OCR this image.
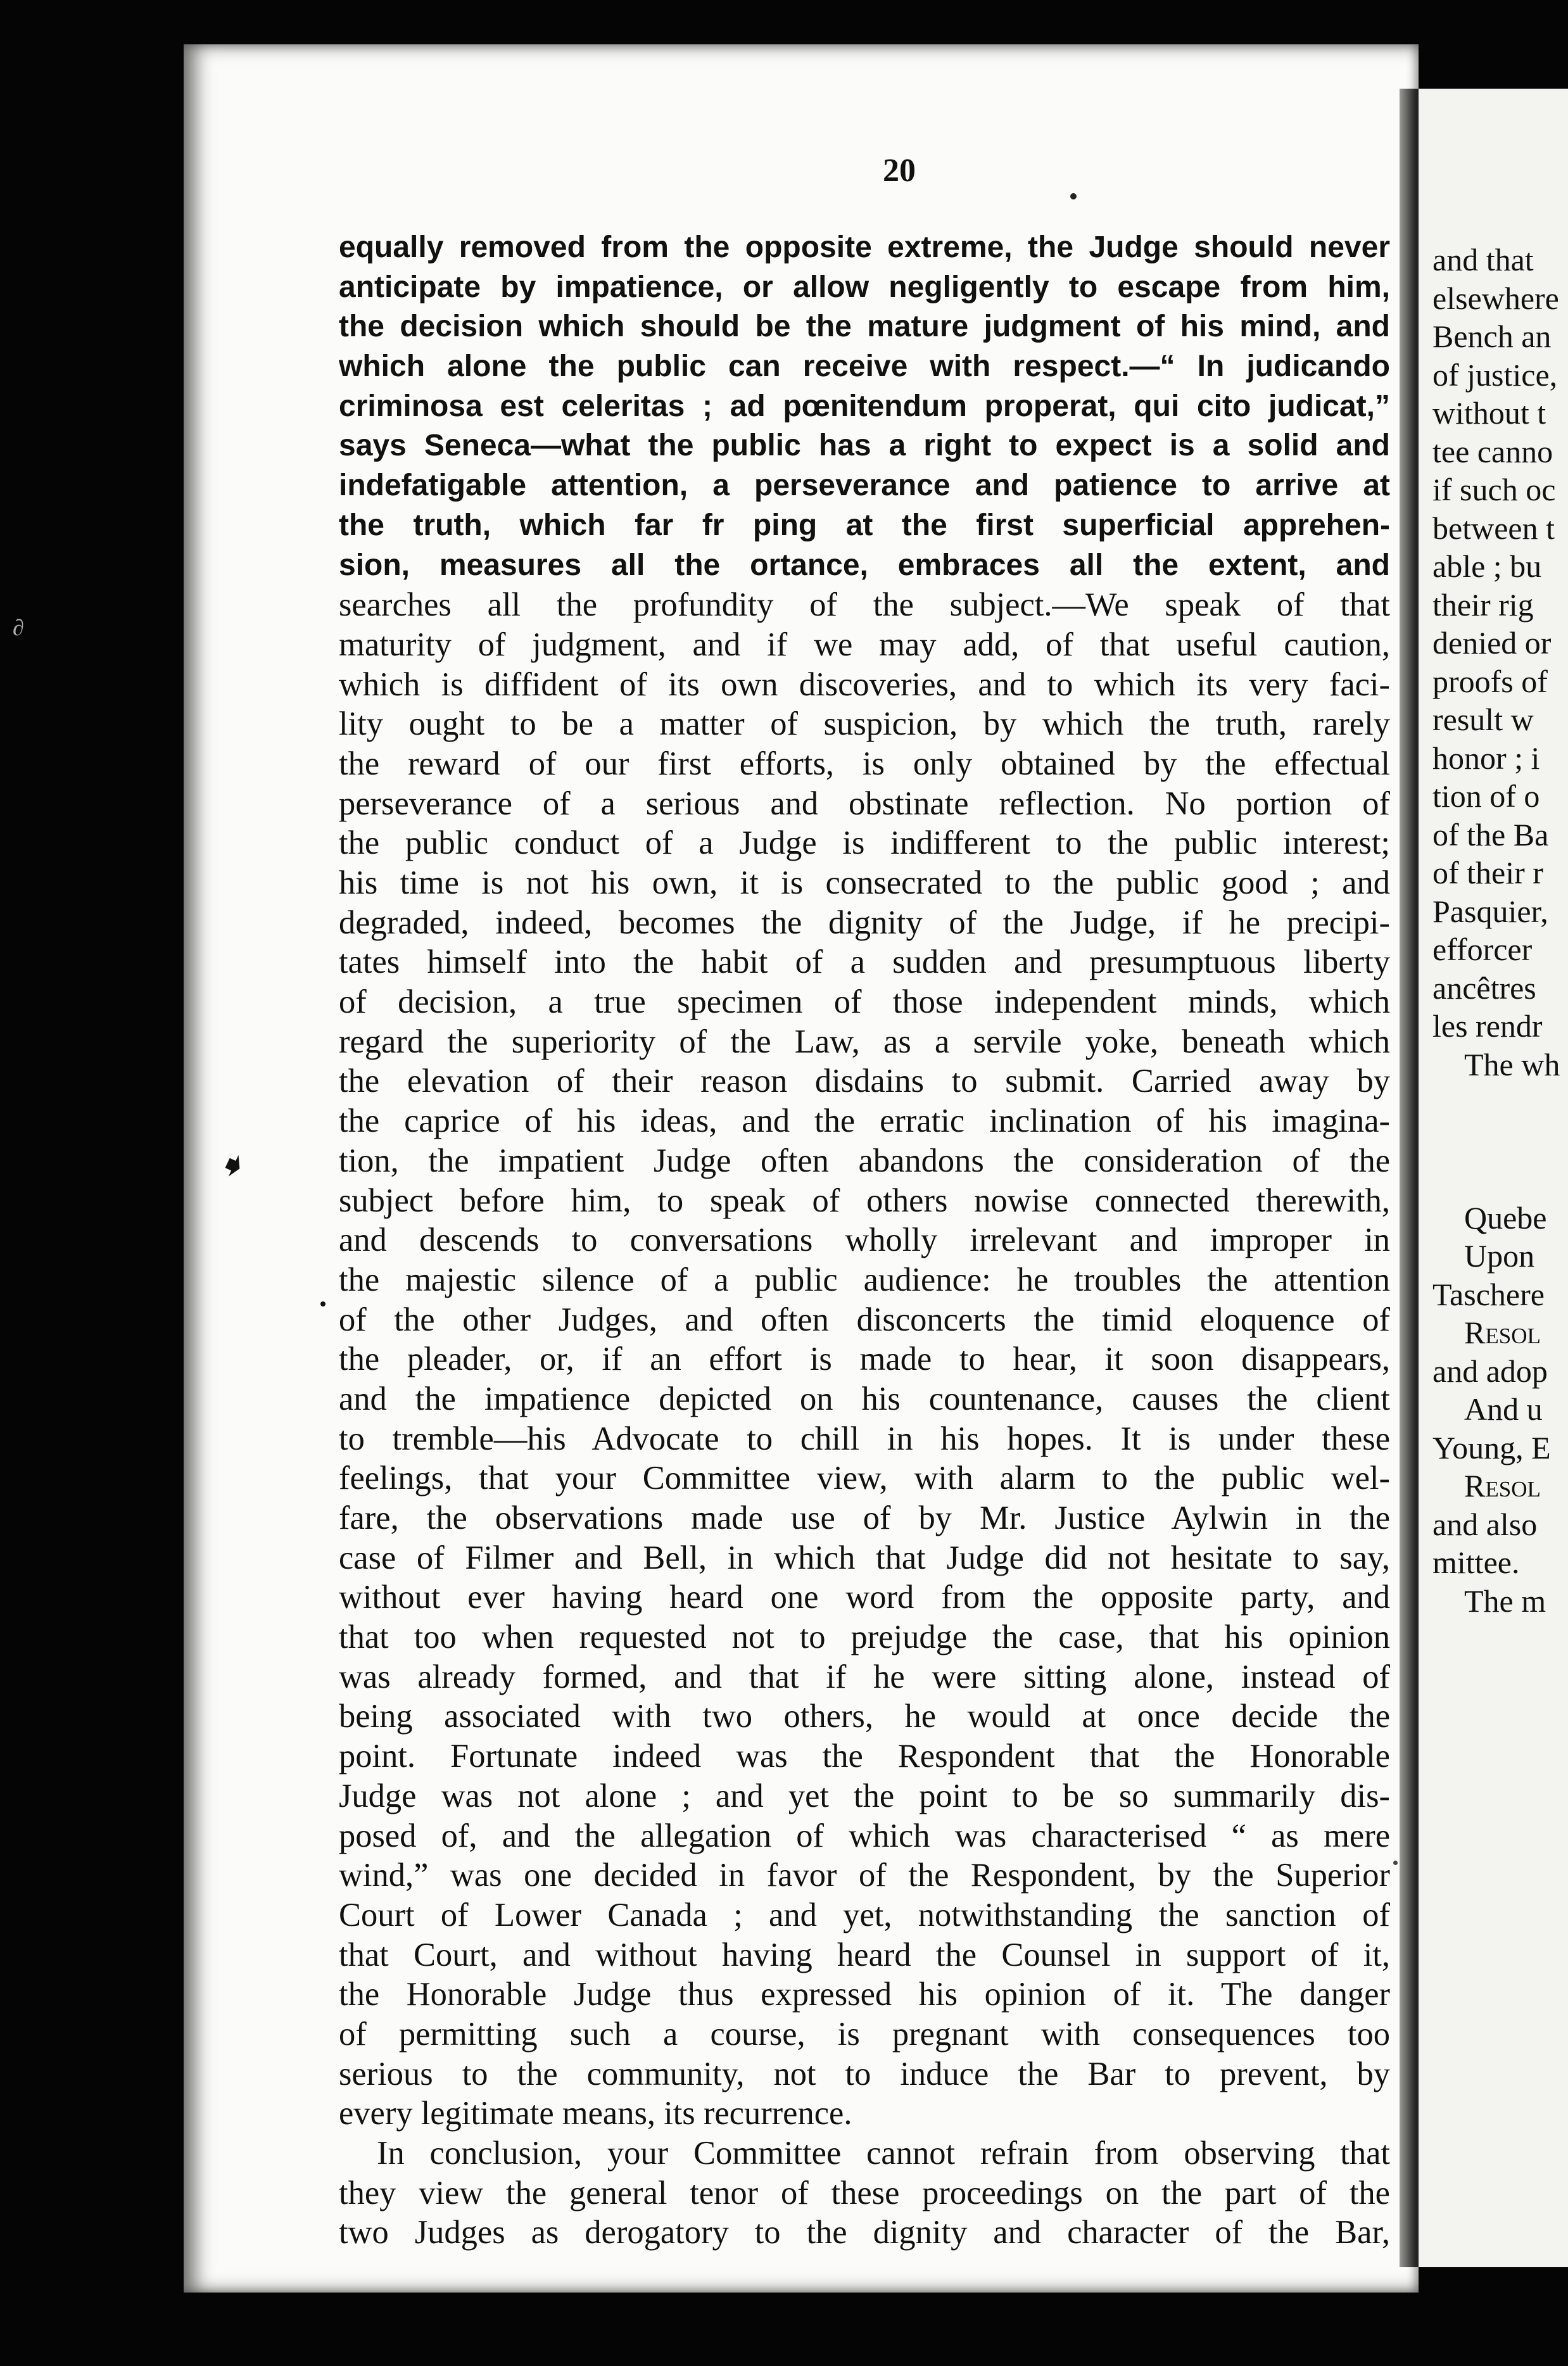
∂
➧
20
equally removed from the opposite extreme, the Judge should never
anticipate by impatience, or allow negligently to escape from him,
the decision which should be the mature judgment of his mind, and
which alone the public can receive with respect.—“ In judicando
criminosa est celeritas ; ad pœnitendum properat, qui cito judicat,”
says Seneca—what the public has a right to expect is a solid and
indefatigable attention, a perseverance and patience to arrive at
the truth, which far fr ping at the first superficial apprehen-
sion, measures all the ortance, embraces all the extent, and
searches all the profundity of the subject.—We speak of that
maturity of judgment, and if we may add, of that useful caution,
which is diffident of its own discoveries, and to which its very faci-
lity ought to be a matter of suspicion, by which the truth, rarely
the reward of our first efforts, is only obtained by the effectual
perseverance of a serious and obstinate reflection. No portion of
the public conduct of a Judge is indifferent to the public interest;
his time is not his own, it is consecrated to the public good ; and
degraded, indeed, becomes the dignity of the Judge, if he precipi-
tates himself into the habit of a sudden and presumptuous liberty
of decision, a true specimen of those independent minds, which
regard the superiority of the Law, as a servile yoke, beneath which
the elevation of their reason disdains to submit. Carried away by
the caprice of his ideas, and the erratic inclination of his imagina-
tion, the impatient Judge often abandons the consideration of the
subject before him, to speak of others nowise connected therewith,
and descends to conversations wholly irrelevant and improper in
the majestic silence of a public audience: he troubles the attention
of the other Judges, and often disconcerts the timid eloquence of
the pleader, or, if an effort is made to hear, it soon disappears,
and the impatience depicted on his countenance, causes the client
to tremble—his Advocate to chill in his hopes. It is under these
feelings, that your Committee view, with alarm to the public wel-
fare, the observations made use of by Mr. Justice Aylwin in the
case of Filmer and Bell, in which that Judge did not hesitate to say,
without ever having heard one word from the opposite party, and
that too when requested not to prejudge the case, that his opinion
was already formed, and that if he were sitting alone, instead of
being associated with two others, he would at once decide the
point. Fortunate indeed was the Respondent that the Honorable
Judge was not alone ; and yet the point to be so summarily dis-
posed of, and the allegation of which was characterised “ as mere
wind,” was one decided in favor of the Respondent, by the Superior
Court of Lower Canada ; and yet, notwithstanding the sanction of
that Court, and without having heard the Counsel in support of it,
the Honorable Judge thus expressed his opinion of it. The danger
of permitting such a course, is pregnant with consequences too
serious to the community, not to induce the Bar to prevent, by
every legitimate means, its recurrence.
In conclusion, your Committee cannot refrain from observing that
they view the general tenor of these proceedings on the part of the
two Judges as derogatory to the dignity and character of the Bar,
and that
elsewhere
Bench an
of justice,
without t
tee canno
if such oc
between t
able ; bu
their rig
denied or
proofs of
result w
honor ; i
tion of o
of the Ba
of their r
Pasquier,
efforcer
ancêtres
les rendr
The wh
Quebe
Upon
Taschere
Resol
and adop
And u
Young, E
Resol
and also
mittee.
The m
